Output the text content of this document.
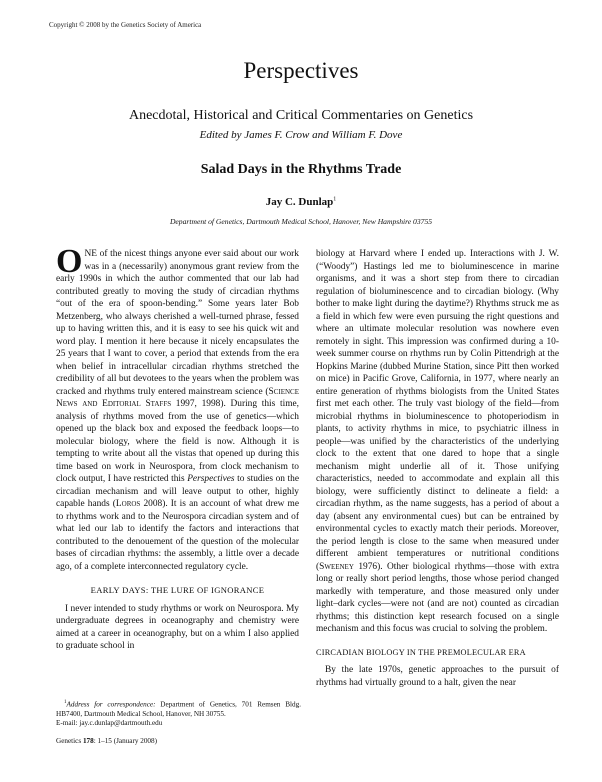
Copyright © 2008 by the Genetics Society of America
Perspectives
Anecdotal, Historical and Critical Commentaries on Genetics
Edited by James F. Crow and William F. Dove
Salad Days in the Rhythms Trade
Jay C. Dunlap$^1$
Department of Genetics, Dartmouth Medical School, Hanover, New Hampshire 03755

ONE of the nicest things anyone ever said about our work was in a (necessarily) anonymous grant review from the early 1990s in which the author commented that our lab had contributed greatly to moving the study of circadian rhythms “out of the era of spoon-bending.” Some years later Bob Metzenberg, who always cherished a well-turned phrase, fessed up to having written this, and it is easy to see his quick wit and word play. I mention it here because it nicely encapsulates the 25 years that I want to cover, a period that extends from the era when belief in intracellular circadian rhythms stretched the credibility of all but devotees to the years when the problem was cracked and rhythms truly entered mainstream science (Science News and Editorial Staffs 1997, 1998). During this time, analysis of rhythms moved from the use of genetics—which opened up the black box and exposed the feedback loops—to molecular biology, where the field is now. Although it is tempting to write about all the vistas that opened up during this time based on work in Neurospora, from clock mechanism to clock output, I have restricted this Perspectives to studies on the circadian mechanism and will leave output to other, highly capable hands (Loros 2008). It is an account of what drew me to rhythms work and to the Neurospora circadian system and of what led our lab to identify the factors and interactions that contributed to the denouement of the question of the molecular bases of circadian rhythms: the assembly, a little over a decade ago, of a complete interconnected regulatory cycle.

EARLY DAYS: THE LURE OF IGNORANCE

I never intended to study rhythms or work on Neurospora. My undergraduate degrees in oceanography and chemistry were aimed at a career in oceanography, but on a whim I also applied to graduate school in

biology at Harvard where I ended up. Interactions with J. W. (“Woody”) Hastings led me to bioluminescence in marine organisms, and it was a short step from there to circadian regulation of bioluminescence and to circadian biology. (Why bother to make light during the daytime?) Rhythms struck me as a field in which few were even pursuing the right questions and where an ultimate molecular resolution was nowhere even remotely in sight. This impression was confirmed during a 10-week summer course on rhythms run by Colin Pittendrigh at the Hopkins Marine (dubbed Murine Station, since Pitt then worked on mice) in Pacific Grove, California, in 1977, where nearly an entire generation of rhythms biologists from the United States first met each other. The truly vast biology of the field—from microbial rhythms in bioluminescence to photoperiodism in plants, to activity rhythms in mice, to psychiatric illness in people—was unified by the characteristics of the underlying clock to the extent that one dared to hope that a single mechanism might underlie all of it. Those unifying characteristics, needed to accommodate and explain all this biology, were sufficiently distinct to delineate a field: a circadian rhythm, as the name suggests, has a period of about a day (absent any environmental cues) but can be entrained by environmental cycles to exactly match their periods. Moreover, the period length is close to the same when measured under different ambient temperatures or nutritional conditions (Sweeney 1976). Other biological rhythms—those with extra long or really short period lengths, those whose period changed markedly with temperature, and those measured only under light–dark cycles—were not (and are not) counted as circadian rhythms; this distinction kept research focused on a single mechanism and this focus was crucial to solving the problem.

CIRCADIAN BIOLOGY IN THE PREMOLECULAR ERA

By the late 1970s, genetic approaches to the pursuit of rhythms had virtually ground to a halt, given the near

$^1$Address for correspondence: Department of Genetics, 701 Remsen Bldg. HB7400, Dartmouth Medical School, Hanover, NH 30755.
E-mail: jay.c.dunlap@dartmouth.edu
Genetics 178: 1–15 (January 2008)
